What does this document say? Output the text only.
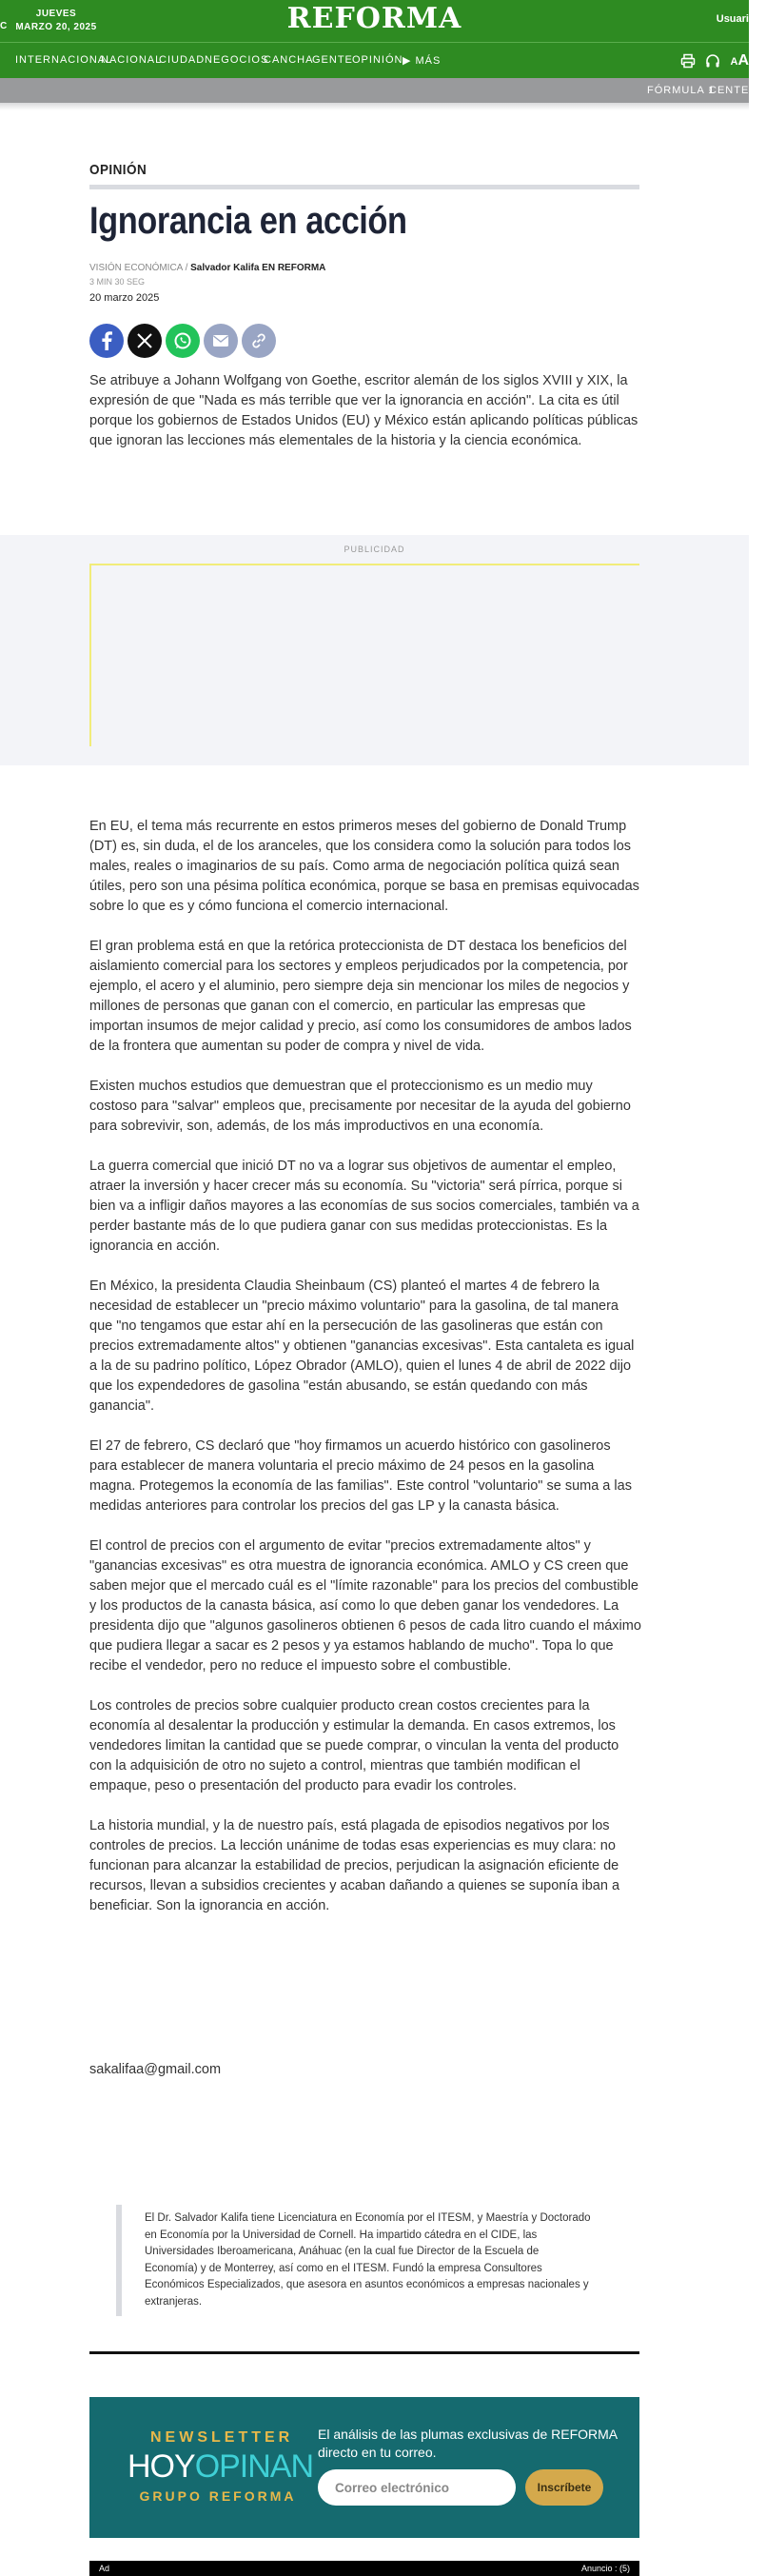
C
JUEVES
MARZO 20, 2025	REFORMA	Usuari
INTERNACIONAL
NACIONAL
CIUDAD NEGOCIOS
CANCHA
GENTE OPINIÓN ▶ MÁS	AA
FÓRMULA 1
CENTENA
OPINIÓN
Ignorancia en acción
VISIÓN ECONÓMICA / Salvador Kalifa EN REFORMA
3 MIN 30 SEG
20 marzo 2025
Se atribuye a Johann Wolfgang von Goethe, escritor alemán de los siglos XVIII y XIX, la expresión de que "Nada es más terrible que ver la ignorancia en acción". La cita es útil porque los gobiernos de Estados Unidos (EU) y México están aplicando políticas públicas que ignoran las lecciones más elementales de la historia y la ciencia económica.
PUBLICIDAD

En EU, el tema más recurrente en estos primeros meses del gobierno de Donald Trump (DT) es, sin duda, el de los aranceles, que los considera como la solución para todos los males, reales o imaginarios de su país. Como arma de negociación política quizá sean útiles, pero son una pésima política económica, porque se basa en premisas equivocadas sobre lo que es y cómo funciona el comercio internacional.

El gran problema está en que la retórica proteccionista de DT destaca los beneficios del aislamiento comercial para los sectores y empleos perjudicados por la competencia, por ejemplo, el acero y el aluminio, pero siempre deja sin mencionar los miles de negocios y millones de personas que ganan con el comercio, en particular las empresas que importan insumos de mejor calidad y precio, así como los consumidores de ambos lados de la frontera que aumentan su poder de compra y nivel de vida.

Existen muchos estudios que demuestran que el proteccionismo es un medio muy costoso para "salvar" empleos que, precisamente por necesitar de la ayuda del gobierno para sobrevivir, son, además, de los más improductivos en una economía.

La guerra comercial que inició DT no va a lograr sus objetivos de aumentar el empleo, atraer la inversión y hacer crecer más su economía. Su "victoria" será pírrica, porque si bien va a infligir daños mayores a las economías de sus socios comerciales, también va a perder bastante más de lo que pudiera ganar con sus medidas proteccionistas. Es la ignorancia en acción.

En México, la presidenta Claudia Sheinbaum (CS) planteó el martes 4 de febrero la necesidad de establecer un "precio máximo voluntario" para la gasolina, de tal manera que "no tengamos que estar ahí en la persecución de las gasolineras que están con precios extremadamente altos" y obtienen "ganancias excesivas". Esta cantaleta es igual a la de su padrino político, López Obrador (AMLO), quien el lunes 4 de abril de 2022 dijo que los expendedores de gasolina "están abusando, se están quedando con más ganancia".

El 27 de febrero, CS declaró que "hoy firmamos un acuerdo histórico con gasolineros para establecer de manera voluntaria el precio máximo de 24 pesos en la gasolina magna. Protegemos la economía de las familias". Este control "voluntario" se suma a las medidas anteriores para controlar los precios del gas LP y la canasta básica.

El control de precios con el argumento de evitar "precios extremadamente altos" y "ganancias excesivas" es otra muestra de ignorancia económica. AMLO y CS creen que saben mejor que el mercado cuál es el "límite razonable" para los precios del combustible y los productos de la canasta básica, así como lo que deben ganar los vendedores. La presidenta dijo que "algunos gasolineros obtienen 6 pesos de cada litro cuando el máximo que pudiera llegar a sacar es 2 pesos y ya estamos hablando de mucho". Topa lo que recibe el vendedor, pero no reduce el impuesto sobre el combustible.

Los controles de precios sobre cualquier producto crean costos crecientes para la economía al desalentar la producción y estimular la demanda. En casos extremos, los vendedores limitan la cantidad que se puede comprar, o vinculan la venta del producto con la adquisición de otro no sujeto a control, mientras que también modifican el empaque, peso o presentación del producto para evadir los controles.

La historia mundial, y la de nuestro país, está plagada de episodios negativos por los controles de precios. La lección unánime de todas esas experiencias es muy clara: no funcionan para alcanzar la estabilidad de precios, perjudican la asignación eficiente de recursos, llevan a subsidios crecientes y acaban dañando a quienes se suponía iban a beneficiar. Son la ignorancia en acción.

sakalifaa@gmail.com
El Dr. Salvador Kalifa tiene Licenciatura en Economía por el ITESM, y Maestría y Doctorado en Economía por la Universidad de Cornell. Ha impartido cátedra en el CIDE, las Universidades Iberoamericana, Anáhuac (en la cual fue Director de la Escuela de Economía) y de Monterrey, así como en el ITESM. Fundó la empresa Consultores Económicos Especializados, que asesora en asuntos económicos a empresas nacionales y extranjeras.
NEWSLETTER
HOYOPINAN
GRUPO REFORMA
El análisis de las plumas exclusivas de REFORMA directo en tu correo.
Correo electrónico
Inscríbete
Ad	Anuncio : (5)
